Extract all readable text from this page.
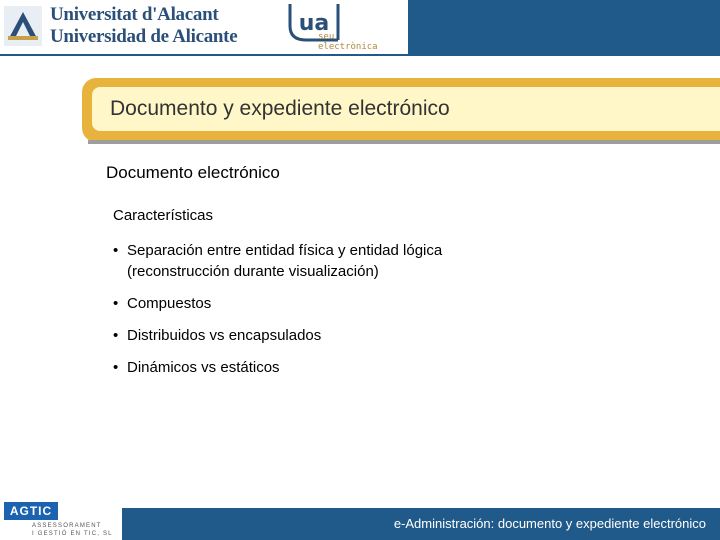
Universitat d'Alacant
Universidad de Alicante
ua
seu
electrònica
Documento y expediente electrónico
Documento electrónico
Características
• Separación entre entidad física y entidad lógica
(reconstrucción durante visualización)
• Compuestos
• Distribuidos vs encapsulados
• Dinámicos vs estáticos
AGTIC
ASSESSORAMENT
I GESTIÓ EN TIC, SL
e-Administración: documento y expediente electrónico
